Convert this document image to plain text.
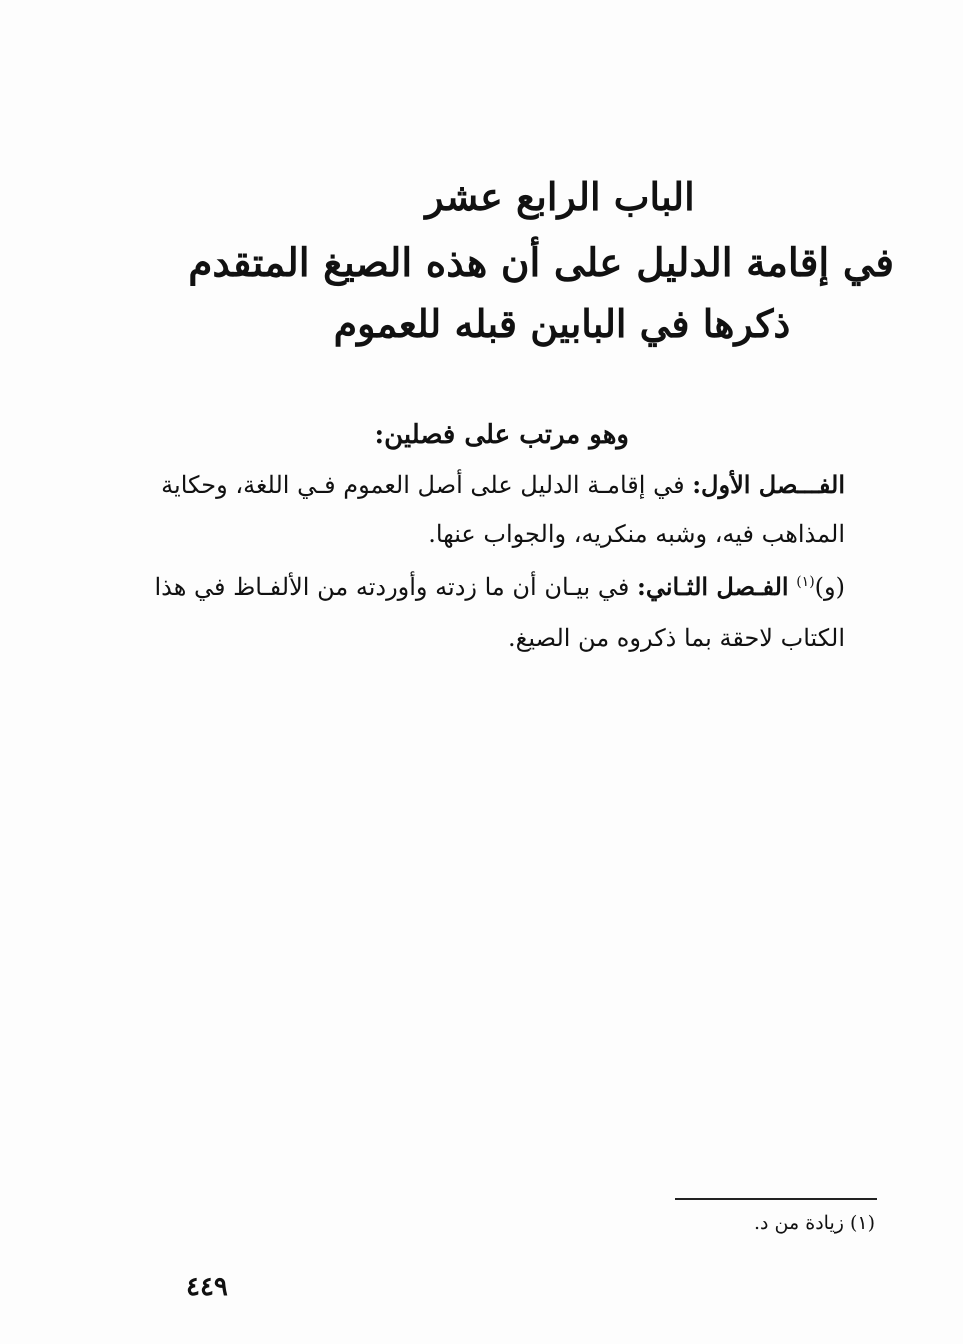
الباب الرابع عشر
في إقامة الدليل على أن هذه الصيغ المتقدم
ذكرها في البابين قبله للعموم
وهو مرتب على فصلين:
الفـــصل الأول: في إقامـة الدليل على أصل العموم فـي اللغة، وحكاية
المذاهب فيه، وشبه منكريه، والجواب عنها.
(و)$^{(١)}$ الفـصل الثـاني: في بيـان أن ما زدته وأوردته من الألفـاظ في هذا
الكتاب لاحقة بما ذكروه من الصيغ.
(١) زيادة من د.
٤٤٩
